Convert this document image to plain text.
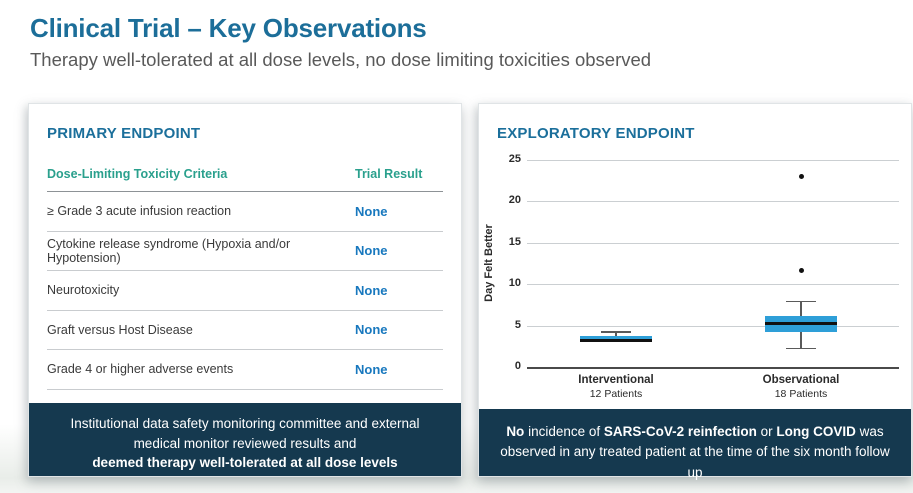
Clinical Trial – Key Observations
Therapy well-tolerated at all dose levels, no dose limiting toxicities observed
PRIMARY ENDPOINT
Dose-Limiting Toxicity Criteria	Trial Result
≥ Grade 3 acute infusion reaction	None
Cytokine release syndrome (Hypoxia and/or Hypotension)	None
Neurotoxicity	None
Graft versus Host Disease	None
Grade 4 or higher adverse events	None
Institutional data safety monitoring committee and external
medical monitor reviewed results and
deemed therapy well-tolerated at all dose levels
EXPLORATORY ENDPOINT
0
5
10
15
20
25
Day Felt Better
Interventional
12 Patients
Observational
18 Patients
No incidence of SARS-CoV-2 reinfection or Long COVID was observed in any treated patient at the time of the six month follow up
